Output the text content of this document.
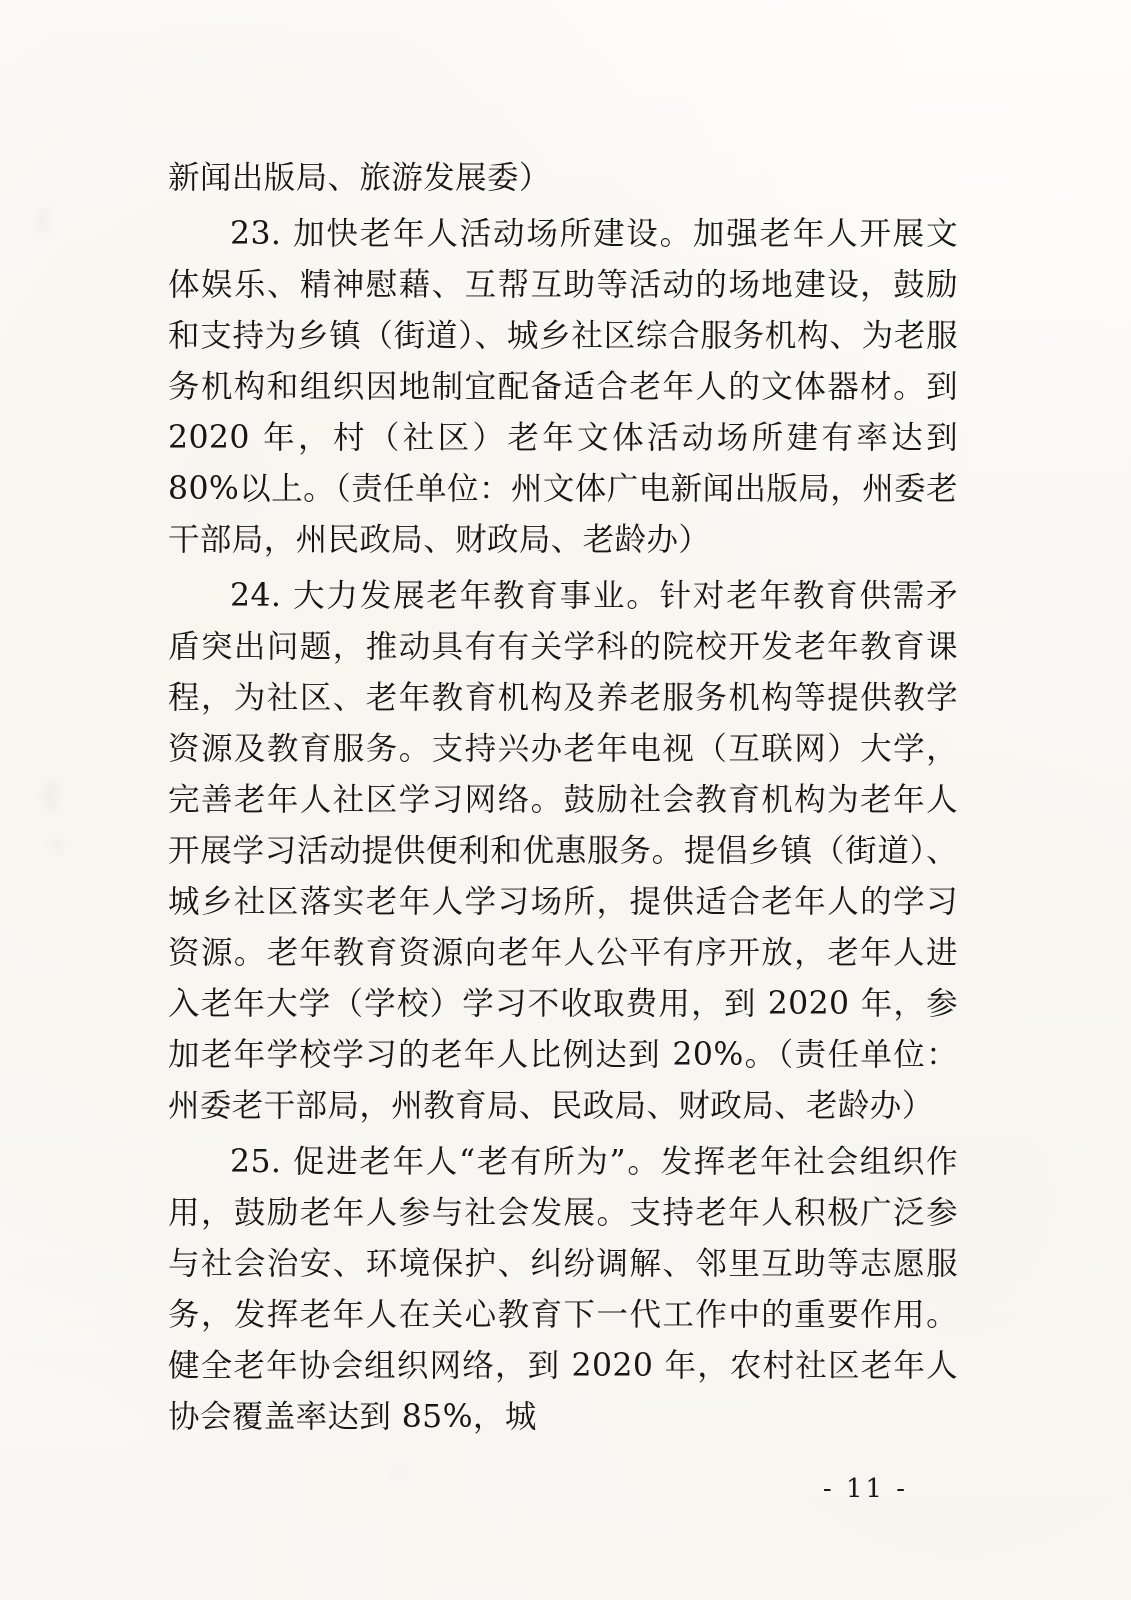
新闻出版局、旅游发展委）

23. 加快老年人活动场所建设。加强老年人开展文体娱乐、精神慰藉、互帮互助等活动的场地建设，鼓励和支持为乡镇（街道）、城乡社区综合服务机构、为老服务机构和组织因地制宜配备适合老年人的文体器材。到 2020 年，村（社区）老年文体活动场所建有率达到 80%以上。（责任单位：州文体广电新闻出版局，州委老干部局，州民政局、财政局、老龄办）

24. 大力发展老年教育事业。针对老年教育供需矛盾突出问题，推动具有有关学科的院校开发老年教育课程，为社区、老年教育机构及养老服务机构等提供教学资源及教育服务。支持兴办老年电视（互联网）大学，完善老年人社区学习网络。鼓励社会教育机构为老年人开展学习活动提供便利和优惠服务。提倡乡镇（街道）、城乡社区落实老年人学习场所，提供适合老年人的学习资源。老年教育资源向老年人公平有序开放，老年人进入老年大学（学校）学习不收取费用，到 2020 年，参加老年学校学习的老年人比例达到 20%。（责任单位：州委老干部局，州教育局、民政局、财政局、老龄办）

25. 促进老年人“老有所为”。发挥老年社会组织作用，鼓励老年人参与社会发展。支持老年人积极广泛参与社会治安、环境保护、纠纷调解、邻里互助等志愿服务，发挥老年人在关心教育下一代工作中的重要作用。健全老年协会组织网络，到 2020 年，农村社区老年人协会覆盖率达到 85%，城

- 11 -
